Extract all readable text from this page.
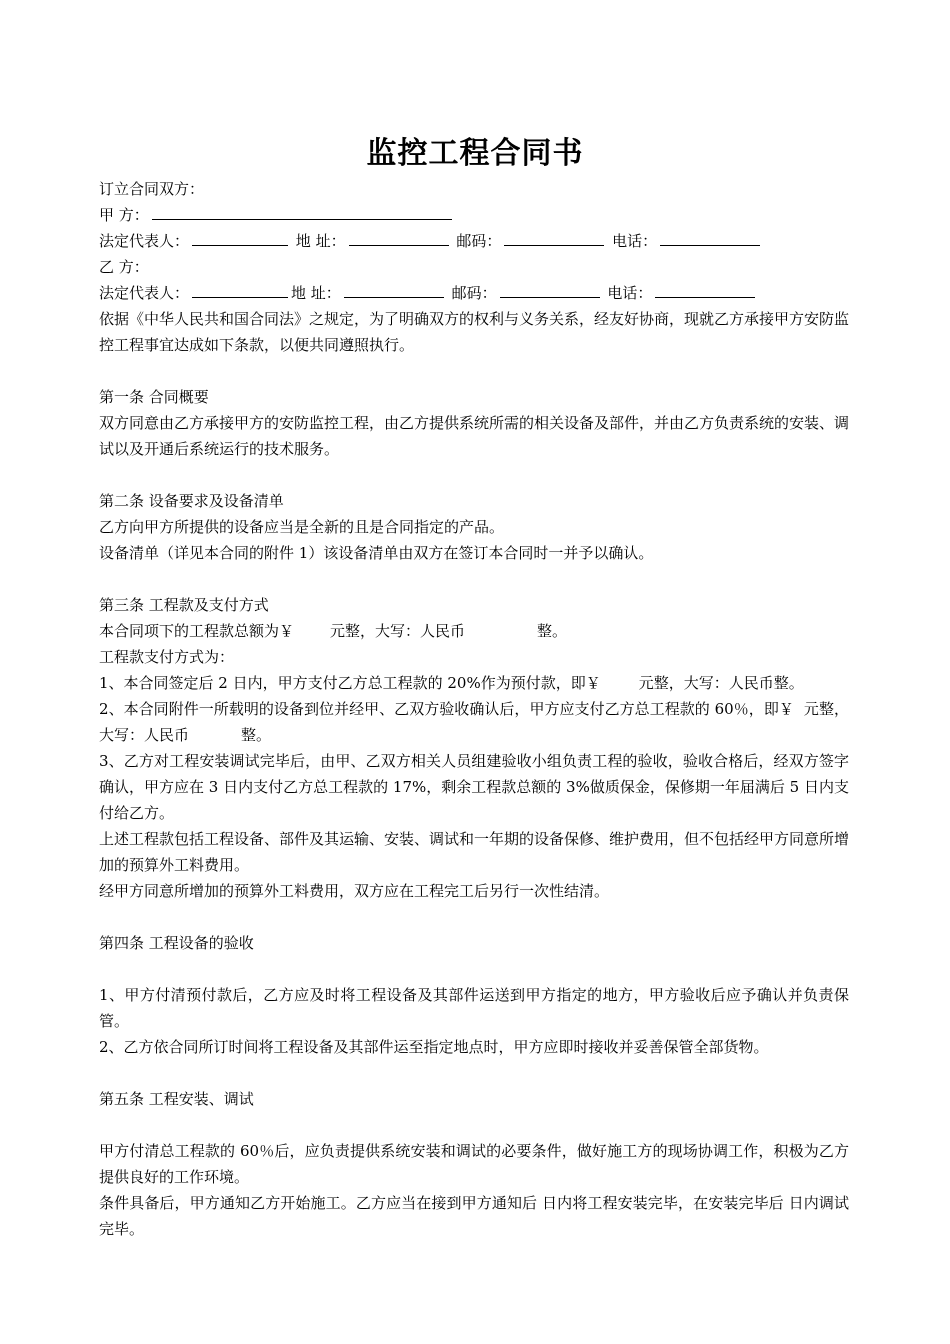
监控工程合同书
订立合同双方：
甲 方：
法定代表人：	地 址：	邮码：	电话：
乙 方：
法定代表人：	地 址：	邮码：	电话：
依据《中华人民共和国合同法》之规定，为了明确双方的权利与义务关系，经友好协商，现就乙方承接甲方安防监控工程事宜达成如下条款，以便共同遵照执行。
第一条 合同概要
双方同意由乙方承接甲方的安防监控工程，由乙方提供系统所需的相关设备及部件，并由乙方负责系统的安装、调试以及开通后系统运行的技术服务。
第二条 设备要求及设备清单
乙方向甲方所提供的设备应当是全新的且是合同指定的产品。
设备清单（详见本合同的附件 1）该设备清单由双方在签订本合同时一并予以确认。
第三条 工程款及支付方式
本合同项下的工程款总额为￥ 元整，大写：人民币	整。
工程款支付方式为：
1、本合同签定后 2 日内，甲方支付乙方总工程款的 20%作为预付款，即￥	元整，大写：人民币整。
2、本合同附件一所载明的设备到位并经甲、乙双方验收确认后，甲方应支付乙方总工程款的 60％，即￥ 元整，大写：人民币	整。
3、乙方对工程安装调试完毕后，由甲、乙双方相关人员组建验收小组负责工程的验收，验收合格后，经双方签字确认，甲方应在 3 日内支付乙方总工程款的 17%，剩余工程款总额的 3%做质保金，保修期一年届满后 5 日内支付给乙方。
上述工程款包括工程设备、部件及其运输、安装、调试和一年期的设备保修、维护费用，但不包括经甲方同意所增加的预算外工料费用。
经甲方同意所增加的预算外工料费用，双方应在工程完工后另行一次性结清。
第四条 工程设备的验收
1、甲方付清预付款后，乙方应及时将工程设备及其部件运送到甲方指定的地方，甲方验收后应予确认并负责保管。
2、乙方依合同所订时间将工程设备及其部件运至指定地点时，甲方应即时接收并妥善保管全部货物。
第五条 工程安装、调试
甲方付清总工程款的 60％后，应负责提供系统安装和调试的必要条件，做好施工方的现场协调工作，积极为乙方提供良好的工作环境。
条件具备后，甲方通知乙方开始施工。乙方应当在接到甲方通知后 日内将工程安装完毕，在安装完毕后 日内调试完毕。
